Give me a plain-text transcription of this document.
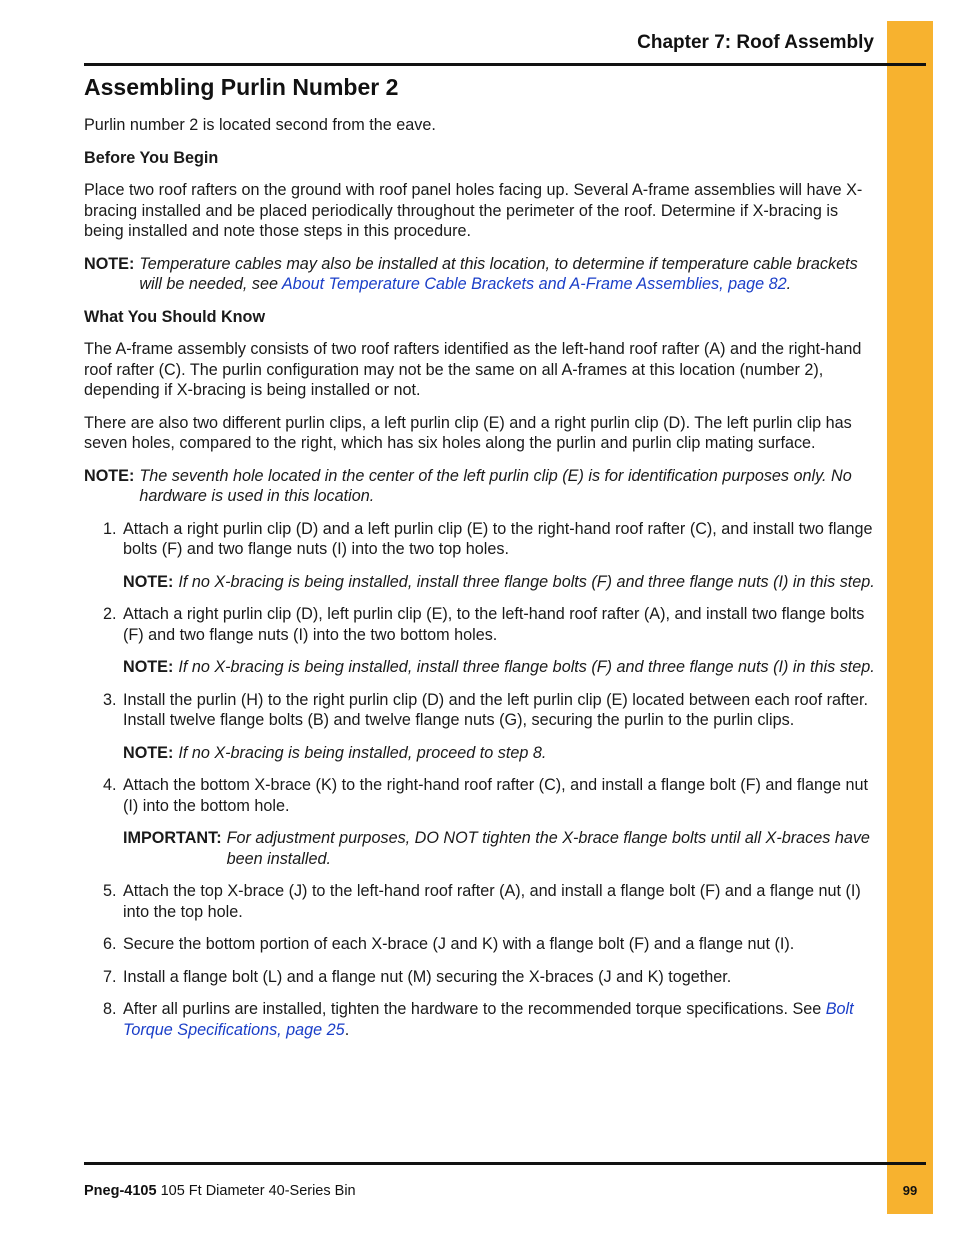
Chapter 7: Roof Assembly
Assembling Purlin Number 2

Purlin number 2 is located second from the eave.

Before You Begin

Place two roof rafters on the ground with roof panel holes facing up. Several A-frame assemblies will have X-bracing installed and be placed periodically throughout the perimeter of the roof. Determine if X-bracing is being installed and note those steps in this procedure.

NOTE: Temperature cables may also be installed at this location, to determine if temperature cable brackets will be needed, see About Temperature Cable Brackets and A-Frame Assemblies, page 82.
What You Should Know

The A-frame assembly consists of two roof rafters identified as the left-hand roof rafter (A) and the right-hand roof rafter (C). The purlin configuration may not be the same on all A-frames at this location (number 2), depending if X-bracing is being installed or not.

There are also two different purlin clips, a left purlin clip (E) and a right purlin clip (D). The left purlin clip has seven holes, compared to the right, which has six holes along the purlin and purlin clip mating surface.

NOTE: The seventh hole located in the center of the left purlin clip (E) is for identification purposes only. No hardware is used in this location.
1. Attach a right purlin clip (D) and a left purlin clip (E) to the right-hand roof rafter (C), and install two flange bolts (F) and two flange nuts (I) into the two top holes.
NOTE: If no X-bracing is being installed, install three flange bolts (F) and three flange nuts (I) in this step.
2. Attach a right purlin clip (D), left purlin clip (E), to the left-hand roof rafter (A), and install two flange bolts (F) and two flange nuts (I) into the two bottom holes.
NOTE: If no X-bracing is being installed, install three flange bolts (F) and three flange nuts (I) in this step.
3. Install the purlin (H) to the right purlin clip (D) and the left purlin clip (E) located between each roof rafter. Install twelve flange bolts (B) and twelve flange nuts (G), securing the purlin to the purlin clips.
NOTE: If no X-bracing is being installed, proceed to step 8.
4. Attach the bottom X-brace (K) to the right-hand roof rafter (C), and install a flange bolt (F) and flange nut (I) into the bottom hole.
IMPORTANT: For adjustment purposes, DO NOT tighten the X-brace flange bolts until all X-braces have been installed.
5. Attach the top X-brace (J) to the left-hand roof rafter (A), and install a flange bolt (F) and a flange nut (I) into the top hole.
6. Secure the bottom portion of each X-brace (J and K) with a flange bolt (F) and a flange nut (I).
7. Install a flange bolt (L) and a flange nut (M) securing the X-braces (J and K) together.
8. After all purlins are installed, tighten the hardware to the recommended torque specifications. See Bolt Torque Specifications, page 25.
Pneg-4105 105 Ft Diameter 40-Series Bin	99
